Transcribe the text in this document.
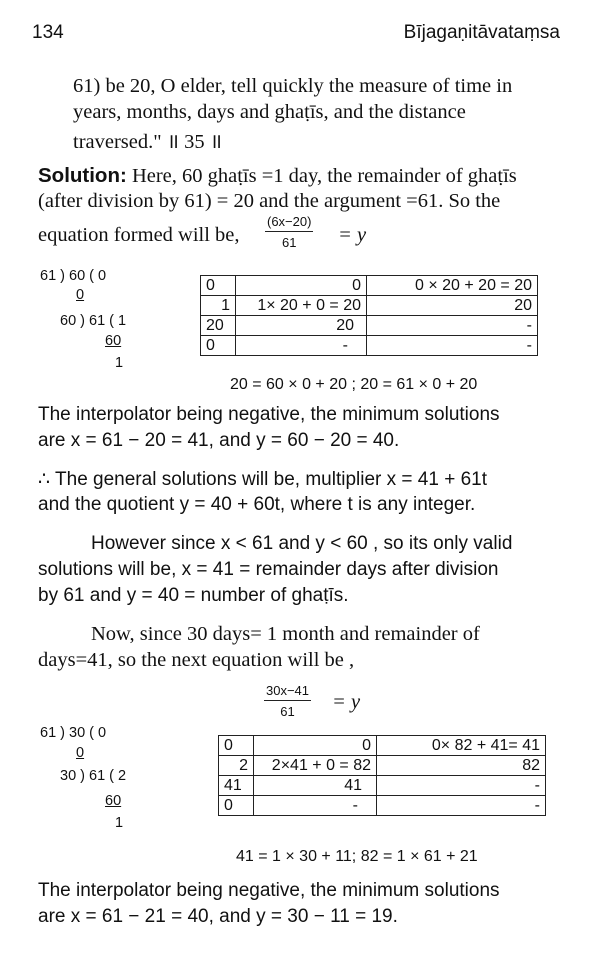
134	Bījagaṇitāvataṃsa
61) be 20, O elder, tell quickly the measure of time in
years, months, days and ghaṭīs, and the distance
traversed." ॥ 35 ॥
Solution: Here, 60 ghaṭīs =1 day, the remainder of ghaṭīs
(after division by 61) = 20 and the argument =61. So the
equation formed will be, $\frac{(6x-20)}{61} = y$
61 ) 60 ( 0
0
60 ) 61 ( 1
60
1
0	0	0 × 20 + 20 = 20
1	1× 20 + 0 = 20	20
20	20	-
0	-	-
20 = 60 × 0 + 20 ; 20 = 61 × 0 + 20
The interpolator being negative, the minimum solutions
are x = 61 − 20 = 41, and y = 60 − 20 = 40.
∴ The general solutions will be, multiplier x = 41 + 61t
and the quotient y = 40 + 60t, where t is any integer.
However since x < 61 and y < 60 , so its only valid
solutions will be, x = 41 = remainder days after division
by 61 and y = 40 = number of ghaṭīs.
Now, since 30 days= 1 month and remainder of
days=41, so the next equation will be ,
$\frac{30x-41}{61} = y$
61 ) 30 ( 0
0
30 ) 61 ( 2
60
1
0	0	0× 82 + 41= 41
2	2×41 + 0 = 82	82
41	41	-
0	-	-
41 = 1 × 30 + 11; 82 = 1 × 61 + 21
The interpolator being negative, the minimum solutions
are x = 61 − 21 = 40, and y = 30 − 11 = 19.
